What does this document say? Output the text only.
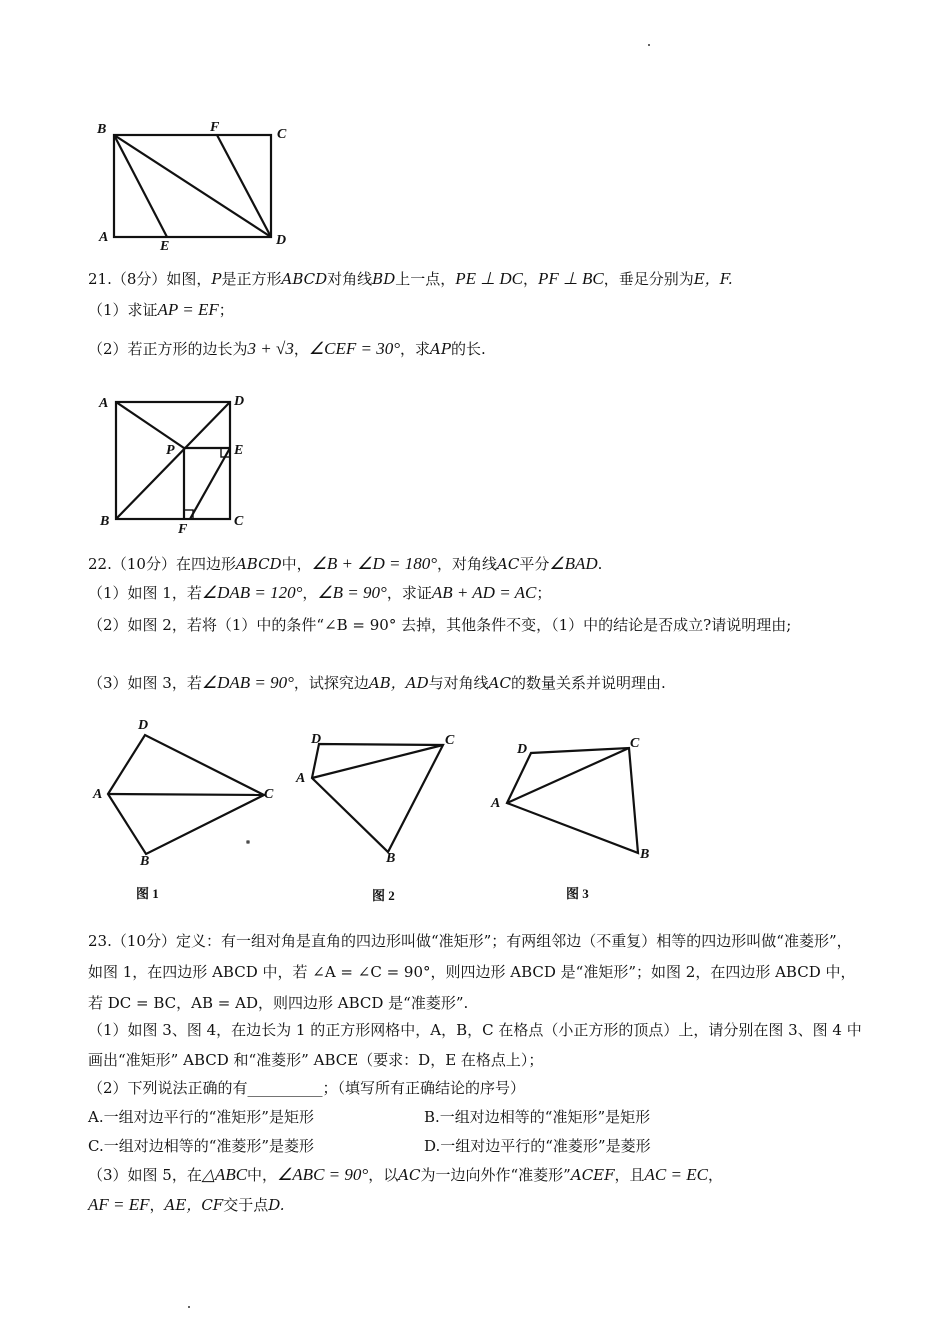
B	F	C
A
E	D
21.（8分）如图，P是正方形ABCD对角线BD上一点，PE ⊥ DC，PF ⊥ BC，垂足分别为E，F.
（1）求证AP = EF；
（2）若正方形的边长为3 + √3，∠CEF = 30°，求AP的长.
A	D
P	E
B
F
C
22.（10分）在四边形ABCD中，∠B + ∠D = 180°，对角线AC平分∠BAD.
（1）如图 1，若∠DAB = 120°，∠B = 90°，求证AB + AD = AC；
（2）如图 2，若将（1）中的条件“∠B = 90° 去掉，其他条件不变，（1）中的结论是否成立?请说明理由;
（3）如图 3，若∠DAB = 90°，试探究边AB，AD与对角线AC的数量关系并说明理由.
D
A	C
B
图 1
D
A
C
B
图 2
D
A
C
B
图 3
23.（10分）定义：有一组对角是直角的四边形叫做“准矩形”；有两组邻边（不重复）相等的四边形叫做“准菱形”，如图 1，在四边形 ABCD 中，若 ∠A = ∠C = 90°，则四边形 ABCD 是“准矩形”；如图 2，在四边形 ABCD 中，若 DC = BC，AB = AD，则四边形 ABCD 是“准菱形”.
（1）如图 3、图 4，在边长为 1 的正方形网格中，A，B，C 在格点（小正方形的顶点）上，请分别在图 3、图 4 中画出“准矩形” ABCD 和“准菱形” ABCE（要求：D，E 在格点上）；
（2）下列说法正确的有__________；（填写所有正确结论的序号）
A.一组对边平行的“准矩形”是矩形	B.一组对边相等的“准矩形”是矩形
C.一组对边相等的“准菱形”是菱形	D.一组对边平行的“准菱形”是菱形
（3）如图 5，在△ABC中，∠ABC = 90°，以AC为一边向外作“准菱形”ACEF，且AC = EC，
AF = EF，AE，CF交于点D.
